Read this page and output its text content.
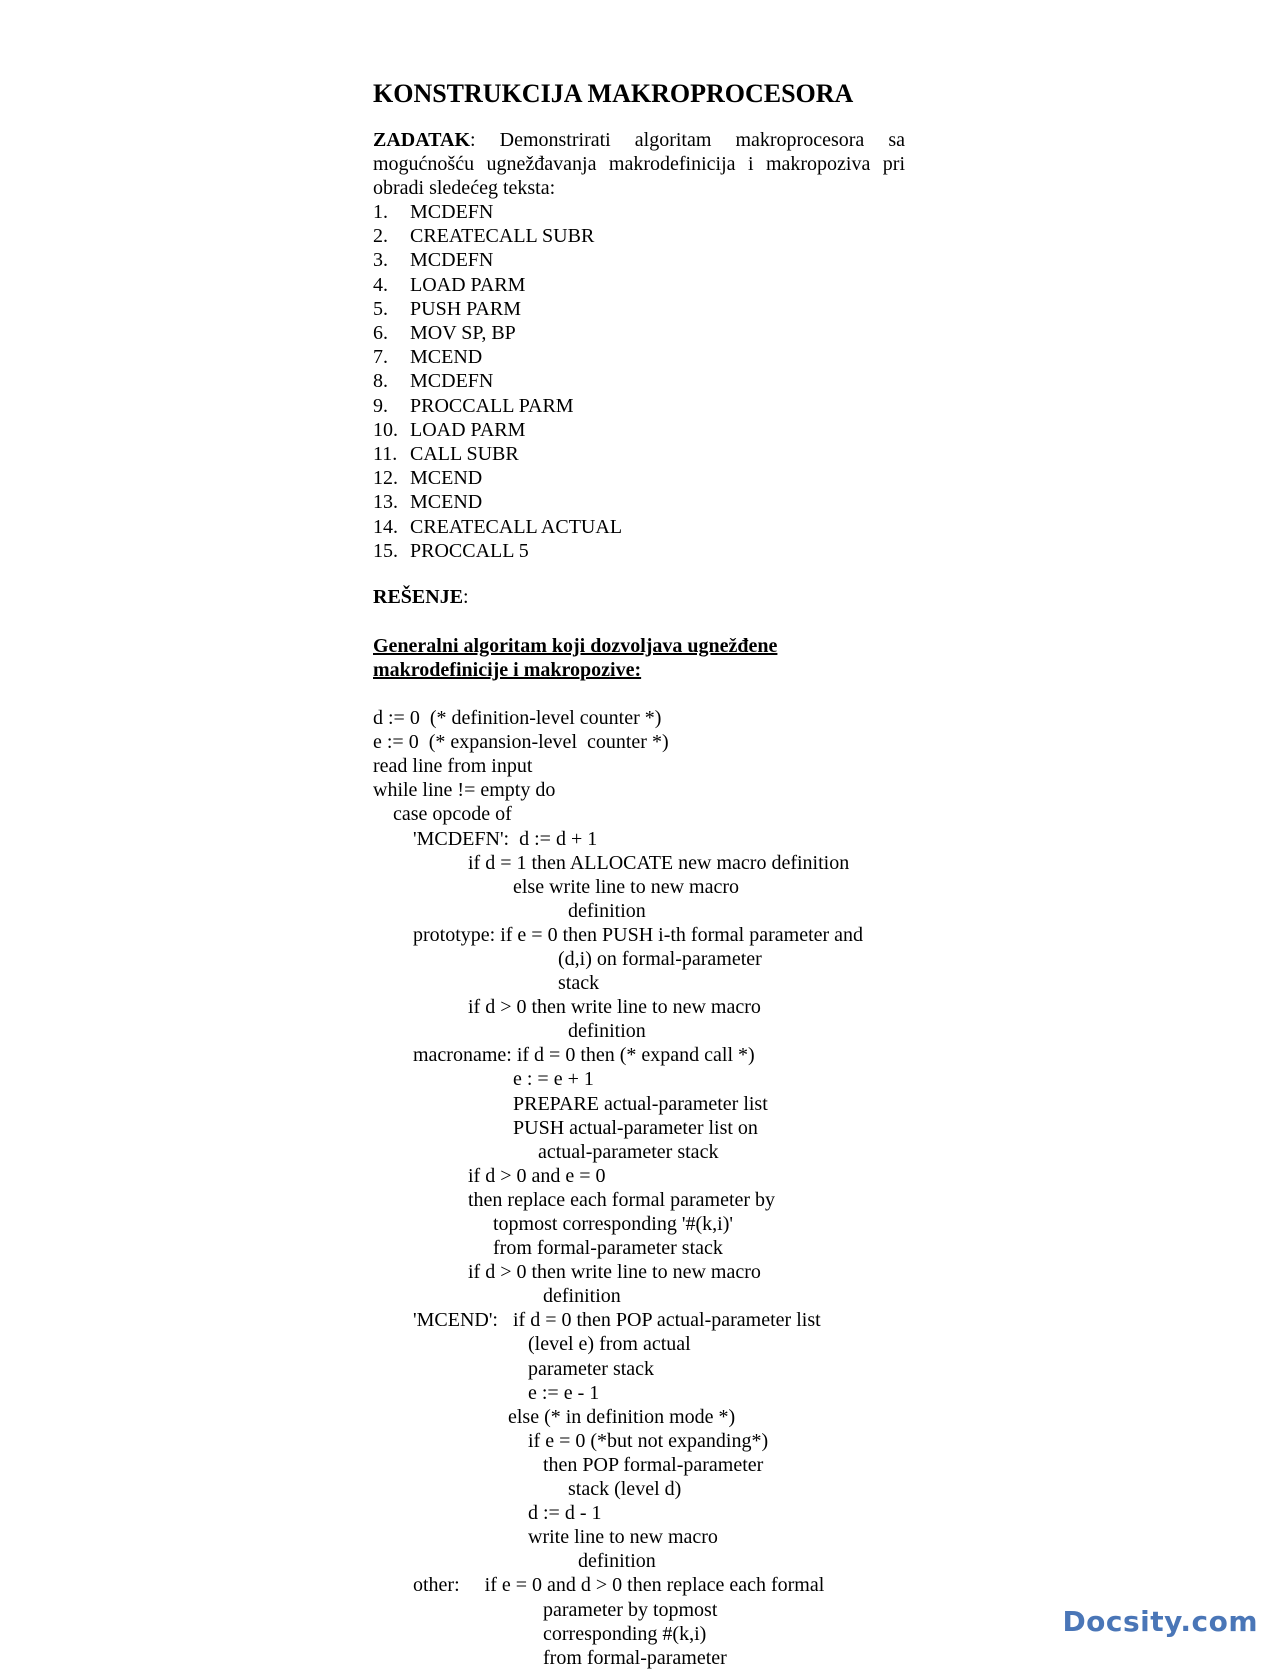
KONSTRUKCIJA MAKROPROCESORA

ZADATAK: Demonstrirati algoritam makroprocesora sa mogućnošću ugnežđavanja makrodefinicija i makropoziva pri obradi sledećeg teksta:

1.	MCDEFN
2.	CREATECALL SUBR
3.	MCDEFN
4.	LOAD PARM
5.	PUSH PARM
6.	MOV SP, BP
7.	MCEND
8.	MCDEFN
9.	PROCCALL PARM
10. LOAD PARM
11. CALL SUBR
12. MCEND
13. MCEND
14. CREATECALL ACTUAL
15. PROCCALL 5
REŠENJE:
Generalni algoritam koji dozvoljava ugnežđene
makrodefinicije i makropozive:
d := 0  (* definition-level counter *)
e := 0  (* expansion-level  counter *)
read line from input
while line != empty do
case opcode of
'MCDEFN':  d := d + 1
if d = 1 then ALLOCATE new macro definition
else write line to new macro
definition
prototype: if e = 0 then PUSH i-th formal parameter and
(d,i) on formal-parameter
stack
if d > 0 then write line to new macro
definition
macroname: if d = 0 then (* expand call *)
e : = e + 1
PREPARE actual-parameter list
PUSH actual-parameter list on
actual-parameter stack
if d > 0 and e = 0
then replace each formal parameter by
topmost corresponding '#(k,i)'
from formal-parameter stack
if d > 0 then write line to new macro
definition
'MCEND':   if d = 0 then POP actual-parameter list
(level e) from actual
parameter stack
e := e - 1
else (* in definition mode *)
if e = 0 (*but not expanding*)
then POP formal-parameter
stack (level d)
d := d - 1
write line to new macro
definition
other:     if e = 0 and d > 0 then replace each formal
parameter by topmost
corresponding #(k,i)
from formal-parameter
Docsity.com
